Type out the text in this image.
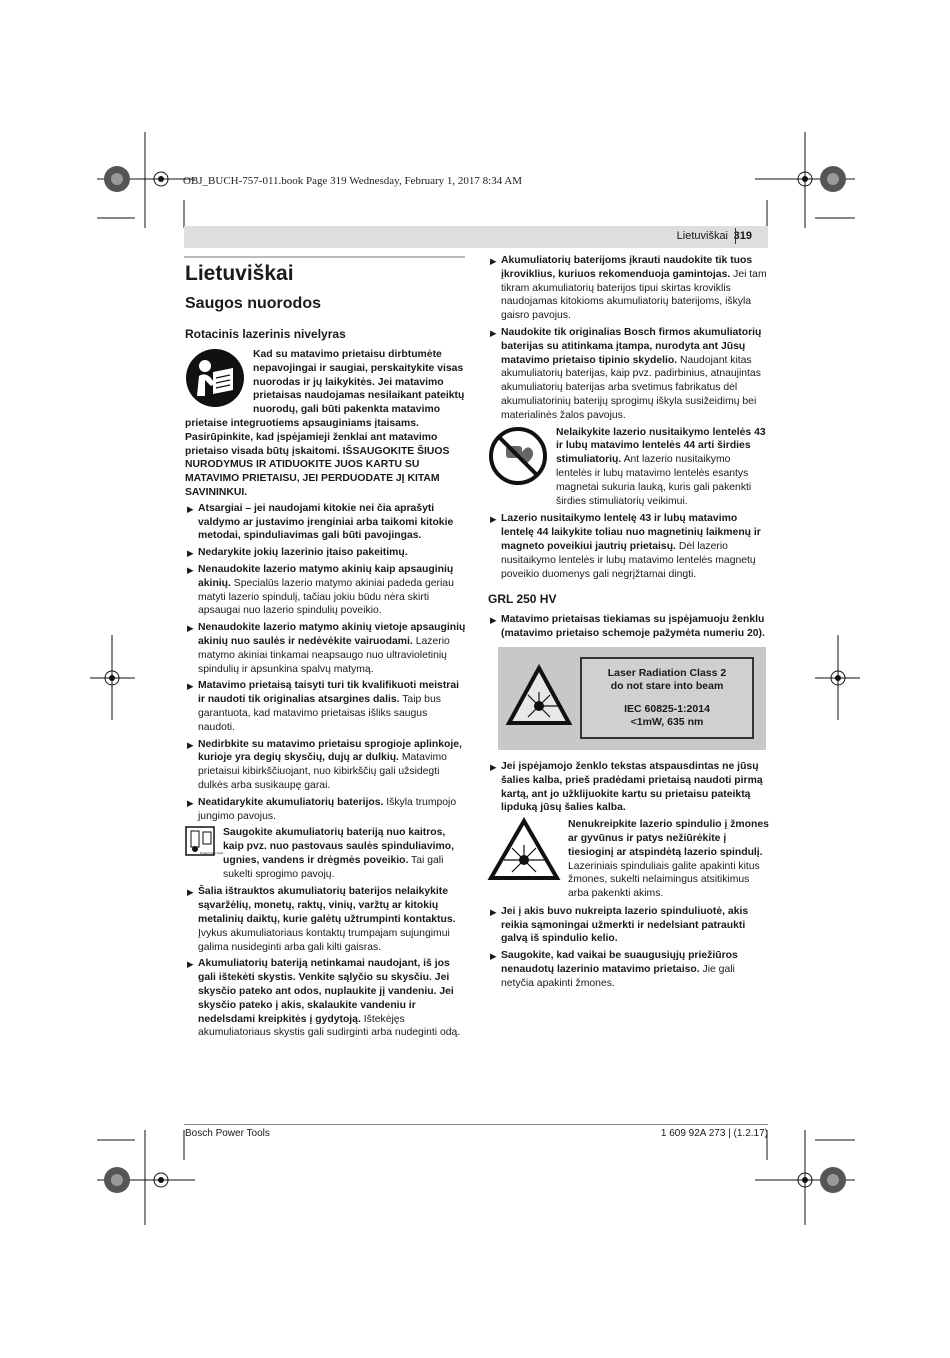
OBJ_BUCH-757-011.book Page 319 Wednesday, February 1, 2017 8:34 AM
Lietuviškai 319
Lietuviškai
Saugos nuorodos
Rotacinis lazerinis nivelyras

Kad su matavimo prietaisu dirbtumėte nepavojingai ir saugiai, perskaitykite visas nuorodas ir jų laikykitės. Jei matavimo prietaisas naudojamas nesilaikant pateiktų nuorodų, gali būti pakenkta matavimo prietaise integruotiems apsauginiams įtaisams. Pasirūpinkite, kad įspėjamieji ženklai ant matavimo prietaiso visada būtų įskaitomi. IŠSAUGOKITE ŠIUOS NURODYMUS IR ATIDUOKITE JUOS KARTU SU MATAVIMO PRIETAISU, JEI PERDUODATE JĮ KITAM SAVININKUI.

▶ Atsargiai – jei naudojami kitokie nei čia aprašyti valdymo ar justavimo įrenginiai arba taikomi kitokie metodai, spinduliavimas gali būti pavojingas.
▶ Nedarykite jokių lazerinio įtaiso pakeitimų.
▶ Nenaudokite lazerio matymo akinių kaip apsauginių akinių. Specialūs lazerio matymo akiniai padeda geriau matyti lazerio spindulį, tačiau jokiu būdu nėra skirti apsaugai nuo lazerio spindulių poveikio.
▶ Nenaudokite lazerio matymo akinių vietoje apsauginių akinių nuo saulės ir nedėvėkite vairuodami. Lazerio matymo akiniai tinkamai neapsaugo nuo ultravioletinių spindulių ir apsunkina spalvų matymą.
▶ Matavimo prietaisą taisyti turi tik kvalifikuoti meistrai ir naudoti tik originalias atsargines dalis. Taip bus garantuota, kad matavimo prietaisas išliks saugus naudoti.
▶ Nedirbkite su matavimo prietaisu sprogioje aplinkoje, kurioje yra degių skysčių, dujų ar dulkių. Matavimo prietaisui kibirkščiuojant, nuo kibirkščių gali užsidegti dulkės arba susikaupę garai.
▶ Neatidarykite akumuliatorių baterijos. Iškyla trumpojo jungimo pavojus.
Protect from heat
Saugokite akumuliatorių bateriją nuo kaitros, kaip pvz. nuo pastovaus saulės spinduliavimo, ugnies, vandens ir drėgmės poveikio. Tai gali sukelti sprogimo pavojų.
▶ Šalia ištrauktos akumuliatorių baterijos nelaikykite sąvaržėlių, monetų, raktų, vinių, varžtų ar kitokių metalinių daiktų, kurie galėtų užtrumpinti kontaktus. Įvykus akumuliatoriaus kontaktų trumpajam sujungimui galima nusideginti arba gali kilti gaisras.
▶ Akumuliatorių bateriją netinkamai naudojant, iš jos gali ištekėti skystis. Venkite sąlyčio su skysčiu. Jei skysčio pateko ant odos, nuplaukite jį vandeniu. Jei skysčio pateko į akis, skalaukite vandeniu ir nedelsdami kreipkitės į gydytoją. Ištekėjęs akumuliatoriaus skystis gali sudirginti arba nudeginti odą.
▶ Akumuliatorių baterijoms įkrauti naudokite tik tuos įkroviklius, kuriuos rekomenduoja gamintojas. Jei tam tikram akumuliatorių baterijos tipui skirtas kroviklis naudojamas kitokioms akumuliatorių baterijoms, iškyla gaisro pavojus.
▶ Naudokite tik originalias Bosch firmos akumuliatorių baterijas su atitinkama įtampa, nurodyta ant Jūsų matavimo prietaiso tipinio skydelio. Naudojant kitas akumuliatorių baterijas, kaip pvz. padirbinius, atnaujintas akumuliatorių baterijas arba svetimus fabrikatus dėl akumuliatorinių baterijų sprogimų iškyla susižeidimų bei materialinės žalos pavojus.
Nelaikykite lazerio nusitaikymo lentelės 43 ir lubų matavimo lentelės 44 arti širdies stimuliatorių. Ant lazerio nusitaikymo lentelės ir lubų matavimo lentelės esantys magnetai sukuria lauką, kuris gali pakenkti širdies stimuliatorių veikimui.
▶ Lazerio nusitaikymo lentelę 43 ir lubų matavimo lentelę 44 laikykite toliau nuo magnetinių laikmenų ir magneto poveikiui jautrių prietaisų. Dėl lazerio nusitaikymo lentelės ir lubų matavimo lentelės magnetų poveikio duomenys gali negrįžtamai dingti.
GRL 250 HV
▶ Matavimo prietaisas tiekiamas su įspėjamuoju ženklu (matavimo prietaiso schemoje pažymėta numeriu 20).
Laser Radiation Class 2
do not stare into beam
IEC 60825-1:2014
<1mW, 635 nm
▶ Jei įspėjamojo ženklo tekstas atspausdintas ne jūsų šalies kalba, prieš pradėdami prietaisą naudoti pirmą kartą, ant jo užklijuokite kartu su prietaisu pateiktą lipduką jūsų šalies kalba.
Nenukreipkite lazerio spindulio į žmones ar gyvūnus ir patys nežiūrėkite į tiesioginį ar atspindėtą lazerio spindulį. Lazeriniais spinduliais galite apakinti kitus žmones, sukelti nelaimingus atsitikimus arba pakenkti akims.
▶ Jei į akis buvo nukreipta lazerio spinduliuotė, akis reikia sąmoningai užmerkti ir nedelsiant patraukti galvą iš spindulio kelio.
▶ Saugokite, kad vaikai be suaugusiųjų priežiūros nenaudotų lazerinio matavimo prietaiso. Jie gali netyčia apakinti žmones.
Bosch Power Tools	1 609 92A 273 | (1.2.17)
